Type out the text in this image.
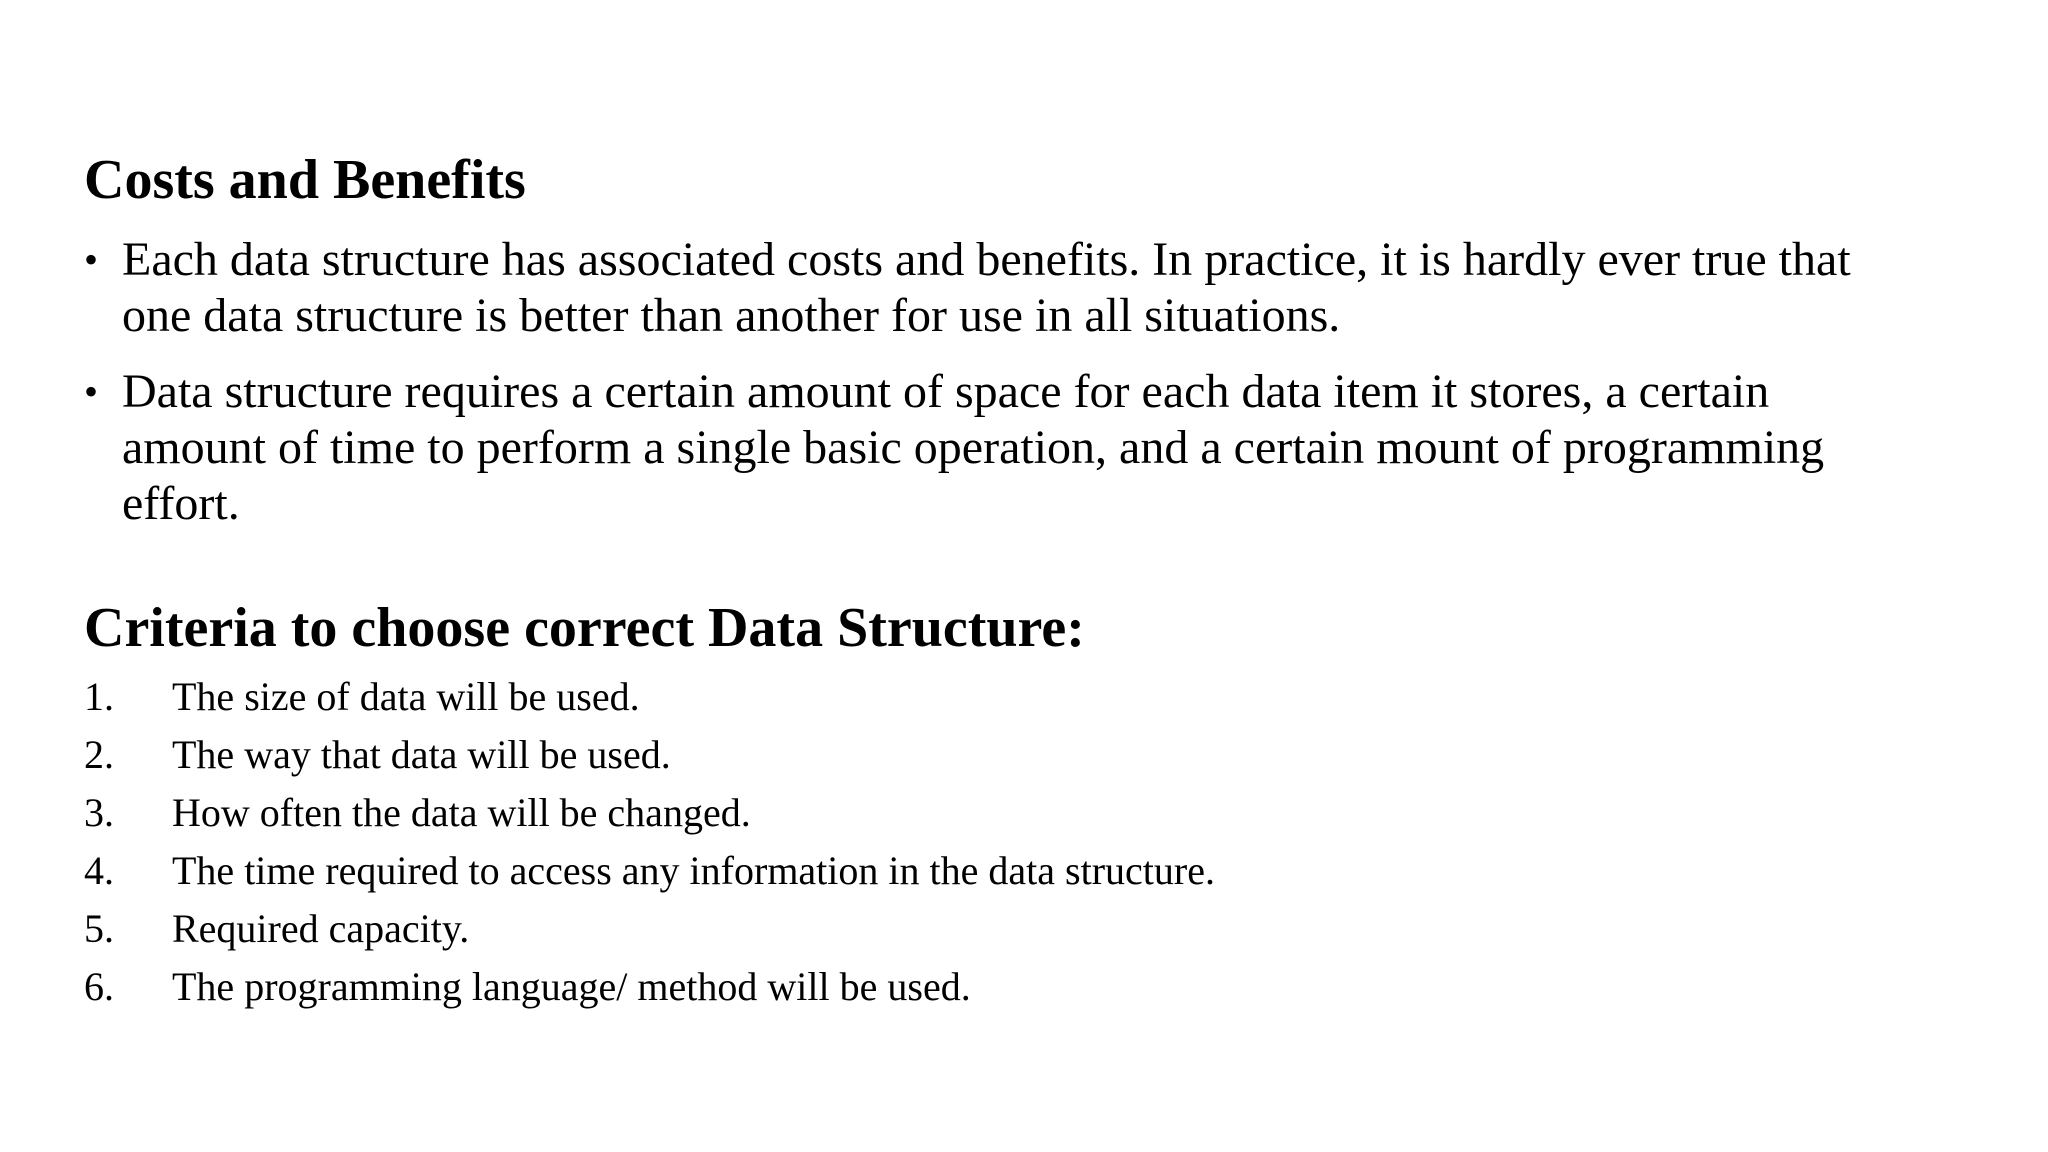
Costs and Benefits
• Each data structure has associated costs and benefits. In practice, it is hardly ever true that one data structure is better than another for use in all situations.
• Data structure requires a certain amount of space for each data item it stores, a certain amount of time to perform a single basic operation, and a certain mount of programming effort.
Criteria to choose correct Data Structure:
1. The size of data will be used.
2. The way that data will be used.
3. How often the data will be changed.
4. The time required to access any information in the data structure.
5. Required capacity.
6. The programming language/ method will be used.
